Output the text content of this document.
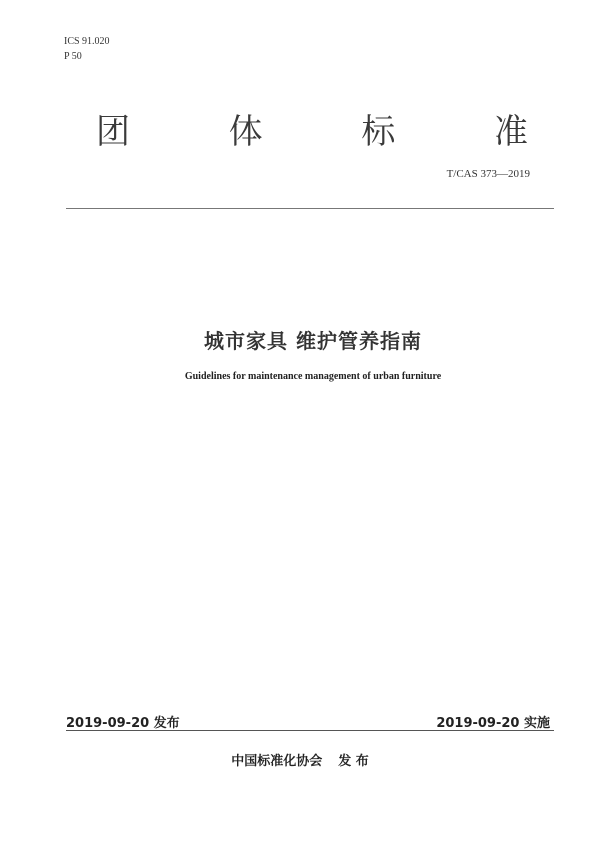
ICS 91.020
P 50
团	体	标	准
T/CAS 373—2019
城市家具 维护管养指南
Guidelines for maintenance management of urban furniture
2019-09-20 发布	2019-09-20 实施
中国标准化协会 发 布
